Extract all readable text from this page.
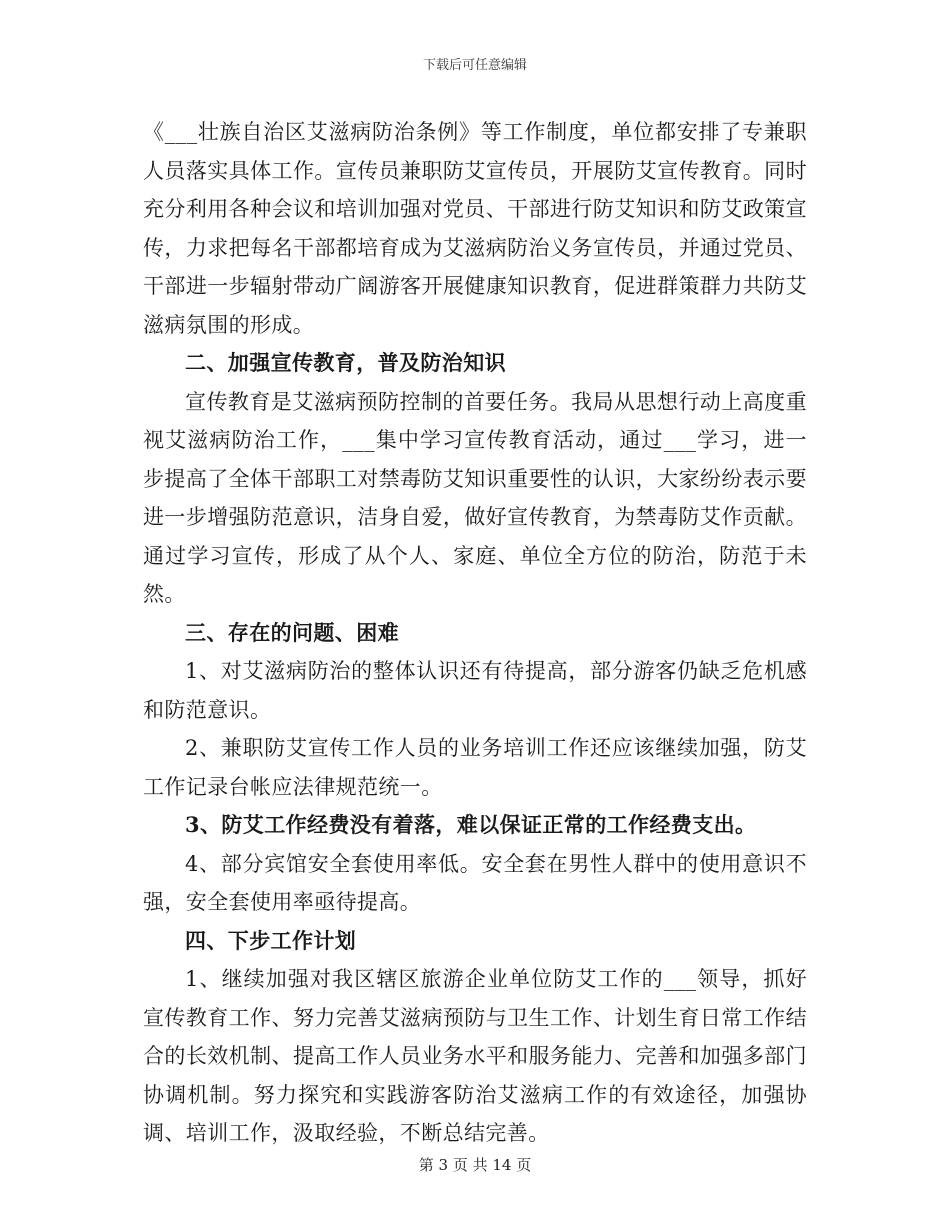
下载后可任意编辑

《___壮族自治区艾滋病防治条例》等工作制度，单位都安排了专兼职人员落实具体工作。宣传员兼职防艾宣传员，开展防艾宣传教育。同时充分利用各种会议和培训加强对党员、干部进行防艾知识和防艾政策宣传，力求把每名干部都培育成为艾滋病防治义务宣传员，并通过党员、干部进一步辐射带动广阔游客开展健康知识教育，促进群策群力共防艾滋病氛围的形成。

二、加强宣传教育，普及防治知识

宣传教育是艾滋病预防控制的首要任务。我局从思想行动上高度重视艾滋病防治工作，___集中学习宣传教育活动，通过___学习，进一步提高了全体干部职工对禁毒防艾知识重要性的认识，大家纷纷表示要进一步增强防范意识，洁身自爱，做好宣传教育，为禁毒防艾作贡献。通过学习宣传，形成了从个人、家庭、单位全方位的防治，防范于未然。

三、存在的问题、困难

1、对艾滋病防治的整体认识还有待提高，部分游客仍缺乏危机感和防范意识。

2、兼职防艾宣传工作人员的业务培训工作还应该继续加强，防艾工作记录台帐应法律规范统一。

3、防艾工作经费没有着落，难以保证正常的工作经费支出。

4、部分宾馆安全套使用率低。安全套在男性人群中的使用意识不强，安全套使用率亟待提高。

四、下步工作计划

1、继续加强对我区辖区旅游企业单位防艾工作的___领导，抓好宣传教育工作、努力完善艾滋病预防与卫生工作、计划生育日常工作结合的长效机制、提高工作人员业务水平和服务能力、完善和加强多部门协调机制。努力探究和实践游客防治艾滋病工作的有效途径，加强协调、培训工作，汲取经验，不断总结完善。

第 3 页 共 14 页
